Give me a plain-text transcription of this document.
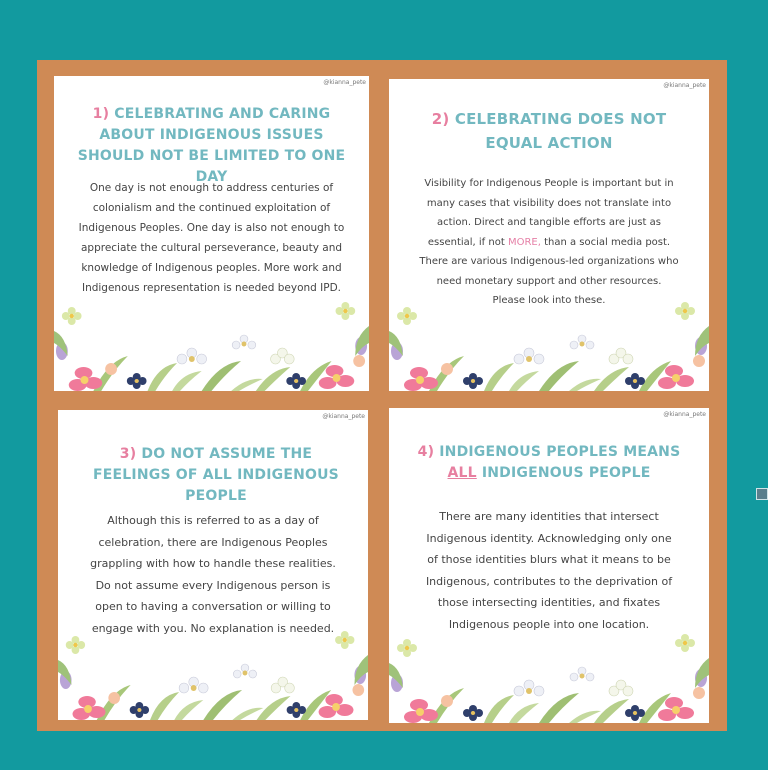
@kianna_pete
1) CELEBRATING AND CARING ABOUT INDIGENOUS ISSUES SHOULD NOT BE LIMITED TO ONE DAY
One day is not enough to address centuries of colonialism and the continued exploitation of Indigenous Peoples. One day is also not enough to appreciate the cultural perseverance, beauty and knowledge of Indigenous peoples. More work and Indigenous representation is needed beyond IPD.
@kianna_pete
2) CELEBRATING DOES NOT EQUAL ACTION
Visibility for Indigenous People is important but in many cases that visibility does not translate into action. Direct and tangible efforts are just as essential, if not MORE, than a social media post. There are various Indigenous-led organizations who need monetary support and other resources. Please look into these.
@kianna_pete
3) DO NOT ASSUME THE FEELINGS OF ALL INDIGENOUS PEOPLE
Although this is referred to as a day of celebration, there are Indigenous Peoples grappling with how to handle these realities. Do not assume every Indigenous person is open to having a conversation or willing to engage with you. No explanation is needed.
@kianna_pete
4) INDIGENOUS PEOPLES MEANS ALL INDIGENOUS PEOPLE
There are many identities that intersect Indigenous identity. Acknowledging only one of those identities blurs what it means to be Indigenous, contributes to the deprivation of those intersecting identities, and fixates Indigenous people into one location.
